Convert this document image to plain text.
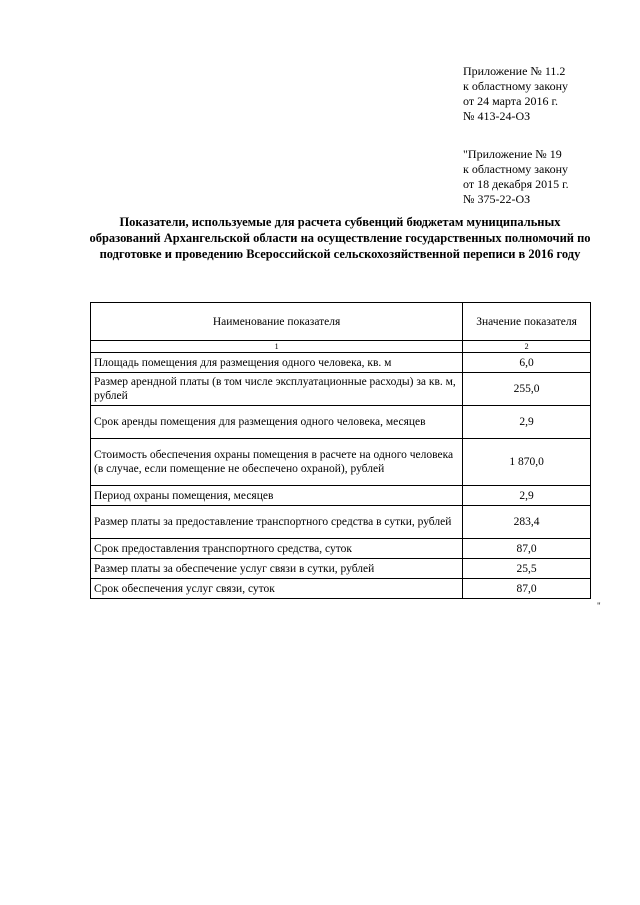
Приложение № 11.2
к областному закону
от 24 марта 2016 г.
№ 413-24-ОЗ
"Приложение № 19
к областному закону
от 18 декабря 2015 г.
№ 375-22-ОЗ
Показатели, используемые для расчета субвенций бюджетам муниципальных образований Архангельской области на осуществление государственных полномочий по подготовке и проведению Всероссийской сельскохозяйственной переписи в 2016 году
Наименование показателя	Значение показателя
1	2
Площадь помещения для размещения одного человека, кв. м	6,0
Размер арендной платы (в том числе эксплуатационные расходы) за кв. м, рублей	255,0
Срок аренды помещения для размещения одного человека, месяцев	2,9
Стоимость обеспечения охраны помещения в расчете на одного человека (в случае, если помещение не обеспечено охраной), рублей	1 870,0
Период охраны помещения, месяцев	2,9
Размер платы за предоставление транспортного средства в сутки, рублей	283,4
Срок предоставления транспортного средства, суток	87,0
Размер платы за обеспечение услуг связи в сутки, рублей	25,5
Срок обеспечения услуг связи, суток	87,0
"
